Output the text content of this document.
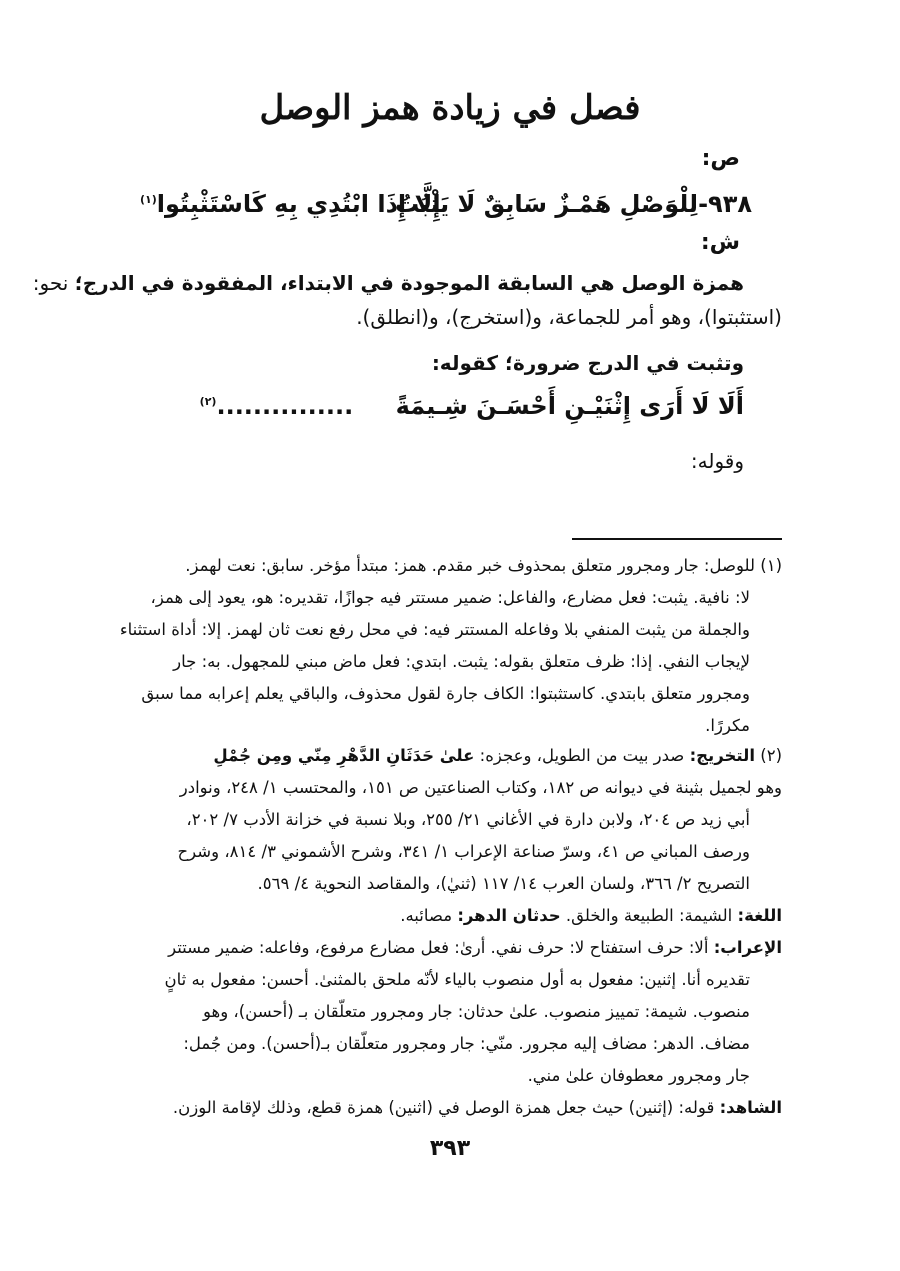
فصل في زيادة همز الوصل
ص:
٩٣٨-لِلْوَصْلِ هَمْـزٌ سَابِقٌ لَا يَثْبُتُ
إِلَّا إِذَا ابْتُدِي بِهِ كَاسْتَثْبِتُوا$^{(١)}$
ش:
همزة الوصل هي السابقة الموجودة في الابتداء، المفقودة في الدرج؛ نحو:
(استثبتوا)، وهو أمر للجماعة، و(استخرج)، و(انطلق).
وتثبت في الدرج ضرورة؛ كقوله:
أَلَا لَا أَرَى إِثْنَيْـنِ أَحْسَـنَ شِـيمَةً ...............$^{(٢)}$
وقوله:
(١) للوصل: جار ومجرور متعلق بمحذوف خبر مقدم. همز: مبتدأ مؤخر. سابق: نعت لهمز.
لا: نافية. يثبت: فعل مضارع، والفاعل: ضمير مستتر فيه جوازًا، تقديره: هو، يعود إلى همز،
والجملة من يثبت المنفي بلا وفاعله المستتر فيه: في محل رفع نعت ثان لهمز. إلا: أداة استثناء
لإيجاب النفي. إذا: ظرف متعلق بقوله: يثبت. ابتدي: فعل ماض مبني للمجهول. به: جار
ومجرور متعلق بابتدي. كاستثبتوا: الكاف جارة لقول محذوف، والباقي يعلم إعرابه مما سبق
مكررًا.
(٢) التخريج: صدر بيت من الطويل، وعجزه: علىٰ حَدَثَانِ الدَّهْرِ مِنّي ومِن جُمْلِ
وهو لجميل بثينة في ديوانه ص ١٨٢، وكتاب الصناعتين ص ١٥١، والمحتسب ١/ ٢٤٨، ونوادر
أبي زيد ص ٢٠٤، ولابن دارة في الأغاني ٢١/ ٢٥٥، وبلا نسبة في خزانة الأدب ٧/ ٢٠٢،
ورصف المباني ص ٤١، وسرّ صناعة الإعراب ١/ ٣٤١، وشرح الأشموني ٣/ ٨١٤، وشرح
التصريح ٢/ ٣٦٦، ولسان العرب ١٤/ ١١٧ (ثنيٰ)، والمقاصد النحوية ٤/ ٥٦٩.
اللغة: الشيمة: الطبيعة والخلق. حدثان الدهر: مصائبه.
الإعراب: ألا: حرف استفتاح لا: حرف نفي. أرىٰ: فعل مضارع مرفوع، وفاعله: ضمير مستتر
تقديره أنا. إثنين: مفعول به أول منصوب بالياء لأنّه ملحق بالمثنىٰ. أحسن: مفعول به ثانٍ
منصوب. شيمة: تمييز منصوب. علىٰ حدثان: جار ومجرور متعلّقان بـ (أحسن)، وهو
مضاف. الدهر: مضاف إليه مجرور. منّي: جار ومجرور متعلّقان بـ(أحسن). ومن جُمل:
جار ومجرور معطوفان علىٰ مني.
الشاهد: قوله: (إثنين) حيث جعل همزة الوصل في (اثنين) همزة قطع، وذلك لإقامة الوزن.
٣٩٣
